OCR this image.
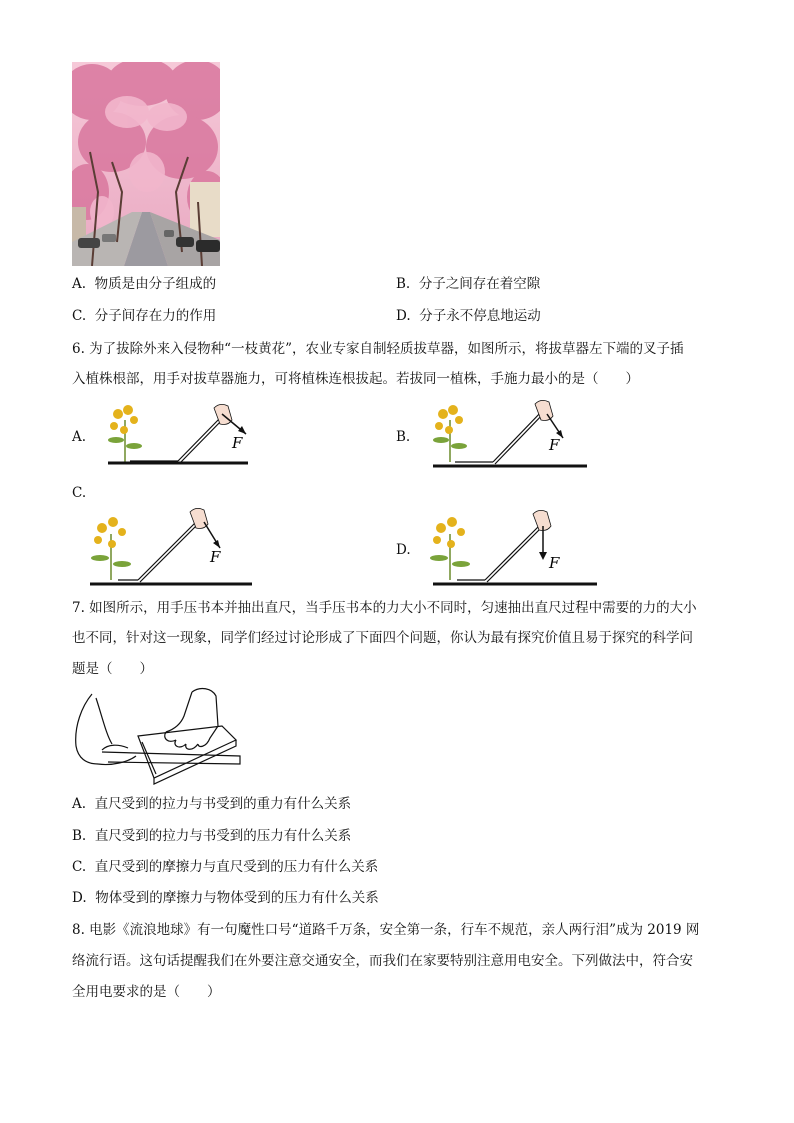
A. 物质是由分子组成的	B. 分子之间存在着空隙
C. 分子间存在力的作用	D. 分子永不停息地运动
6. 为了拔除外来入侵物种“一枝黄花”，农业专家自制轻质拔草器，如图所示，将拔草器左下端的叉子插
入植株根部，用手对拔草器施力，可将植株连根拔起。若拔同一植株，手施力最小的是（　　）
A.	B.
C.
D.
F	F
F	F
7. 如图所示，用手压书本并抽出直尺，当手压书本的力大小不同时，匀速抽出直尺过程中需要的力的大小
也不同，针对这一现象，同学们经过讨论形成了下面四个问题，你认为最有探究价值且易于探究的科学问
题是（　　）
A. 直尺受到的拉力与书受到的重力有什么关系
B. 直尺受到的拉力与书受到的压力有什么关系
C. 直尺受到的摩擦力与直尺受到的压力有什么关系
D. 物体受到的摩擦力与物体受到的压力有什么关系
8. 电影《流浪地球》有一句魔性口号“道路千万条，安全第一条，行车不规范，亲人两行泪”成为 2019 网
络流行语。这句话提醒我们在外要注意交通安全，而我们在家要特别注意用电安全。下列做法中，符合安
全用电要求的是（　　）
